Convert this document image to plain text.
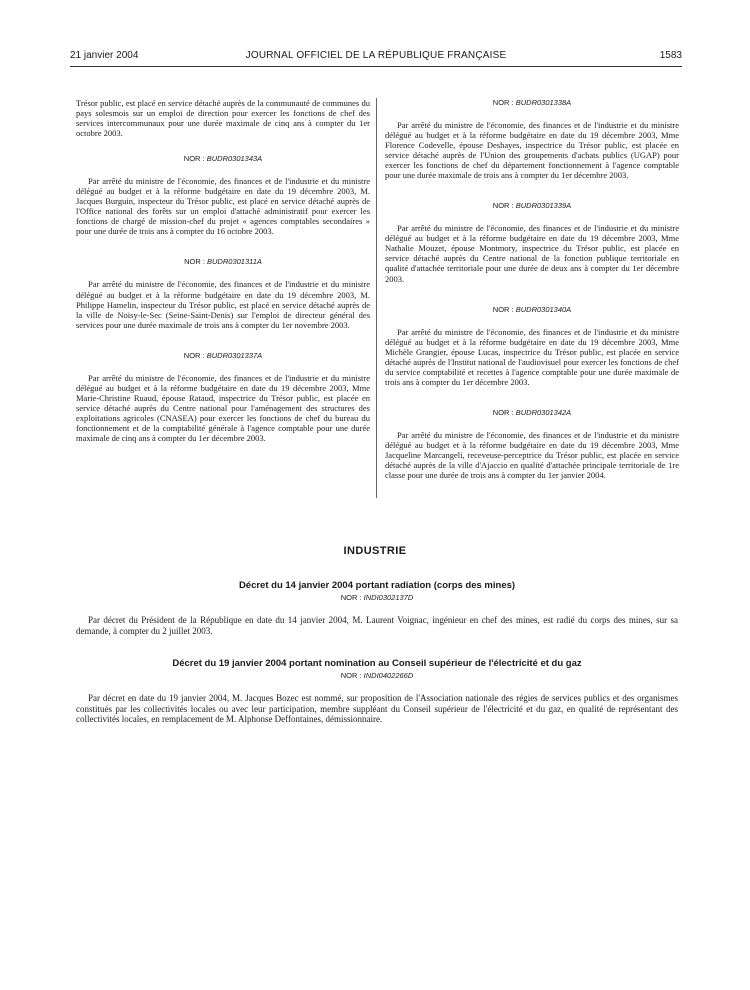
21 janvier 2004	JOURNAL OFFICIEL DE LA RÉPUBLIQUE FRANÇAISE	1583

Trésor public, est placé en service détaché auprès de la communauté de communes du pays solesmois sur un emploi de direction pour exercer les fonctions de chef des services intercommunaux pour une durée maximale de cinq ans à compter du 1er octobre 2003.

NOR : BUDR0301343A

Par arrêté du ministre de l'économie, des finances et de l'industrie et du ministre délégué au budget et à la réforme budgétaire en date du 19 décembre 2003, M. Jacques Burguin, inspecteur du Trésor public, est placé en service détaché auprès de l'Office national des forêts sur un emploi d'attaché administratif pour exercer les fonctions de chargé de mission-chef du projet « agences comptables secondaires » pour une durée de trois ans à compter du 16 octobre 2003.

NOR : BUDR0301311A

Par arrêté du ministre de l'économie, des finances et de l'industrie et du ministre délégué au budget et à la réforme budgétaire en date du 19 décembre 2003, M. Philippe Hamelin, inspecteur du Trésor public, est placé en service détaché auprès de la ville de Noisy-le-Sec (Seine-Saint-Denis) sur l'emploi de directeur général des services pour une durée maximale de trois ans à compter du 1er novembre 2003.

NOR : BUDR0301337A

Par arrêté du ministre de l'économie, des finances et de l'industrie et du ministre délégué au budget et à la réforme budgétaire en date du 19 décembre 2003, Mme Marie-Christine Ruaud, épouse Rataud, inspectrice du Trésor public, est placée en service détaché auprès du Centre national pour l'aménagement des structures des exploitations agricoles (CNASEA) pour exercer les fonctions de chef du bureau du fonctionnement et de la comptabilité générale à l'agence comptable pour une durée maximale de cinq ans à compter du 1er décembre 2003.

NOR : BUDR0301338A

Par arrêté du ministre de l'économie, des finances et de l'industrie et du ministre délégué au budget et à la réforme budgétaire en date du 19 décembre 2003, Mme Florence Codevelle, épouse Deshayes, inspectrice du Trésor public, est placée en service détaché auprès de l'Union des groupements d'achats publics (UGAP) pour exercer les fonctions de chef du département fonctionnement à l'agence comptable pour une durée maximale de trois ans à compter du 1er décembre 2003.

NOR : BUDR0301339A

Par arrêté du ministre de l'économie, des finances et de l'industrie et du ministre délégué au budget et à la réforme budgétaire en date du 19 décembre 2003, Mme Nathalie Mouzet, épouse Montmory, inspectrice du Trésor public, est placée en service détaché auprès du Centre national de la fonction publique territoriale en qualité d'attachée territoriale pour une durée de deux ans à compter du 1er décembre 2003.

NOR : BUDR0301340A

Par arrêté du ministre de l'économie, des finances et de l'industrie et du ministre délégué au budget et à la réforme budgétaire en date du 19 décembre 2003, Mme Michèle Grangier, épouse Lucas, inspectrice du Trésor public, est placée en service détaché auprès de l'Institut national de l'audiovisuel pour exercer les fonctions de chef du service comptabilité et recettes à l'agence comptable pour une durée maximale de trois ans à compter du 1er décembre 2003.

NOR : BUDR0301342A

Par arrêté du ministre de l'économie, des finances et de l'industrie et du ministre délégué au budget et à la réforme budgétaire en date du 19 décembre 2003, Mme Jacqueline Marcangeli, receveuse-perceptrice du Trésor public, est placée en service détaché auprès de la ville d'Ajaccio en qualité d'attachée principale territoriale de 1re classe pour une durée de trois ans à compter du 1er janvier 2004.

INDUSTRIE

Décret du 14 janvier 2004 portant radiation (corps des mines)

NOR : INDI0302137D

Par décret du Président de la République en date du 14 janvier 2004, M. Laurent Voignac, ingénieur en chef des mines, est radié du corps des mines, sur sa demande, à compter du 2 juillet 2003.

Décret du 19 janvier 2004 portant nomination au Conseil supérieur de l'électricité et du gaz

NOR : INDI0402266D

Par décret en date du 19 janvier 2004, M. Jacques Bozec est nommé, sur proposition de l'Association nationale des régies de services publics et des organismes constitués par les collectivités locales ou avec leur participation, membre suppléant du Conseil supérieur de l'électricité et du gaz, en qualité de représentant des collectivités locales, en remplacement de M. Alphonse Deffontaines, démissionnaire.
